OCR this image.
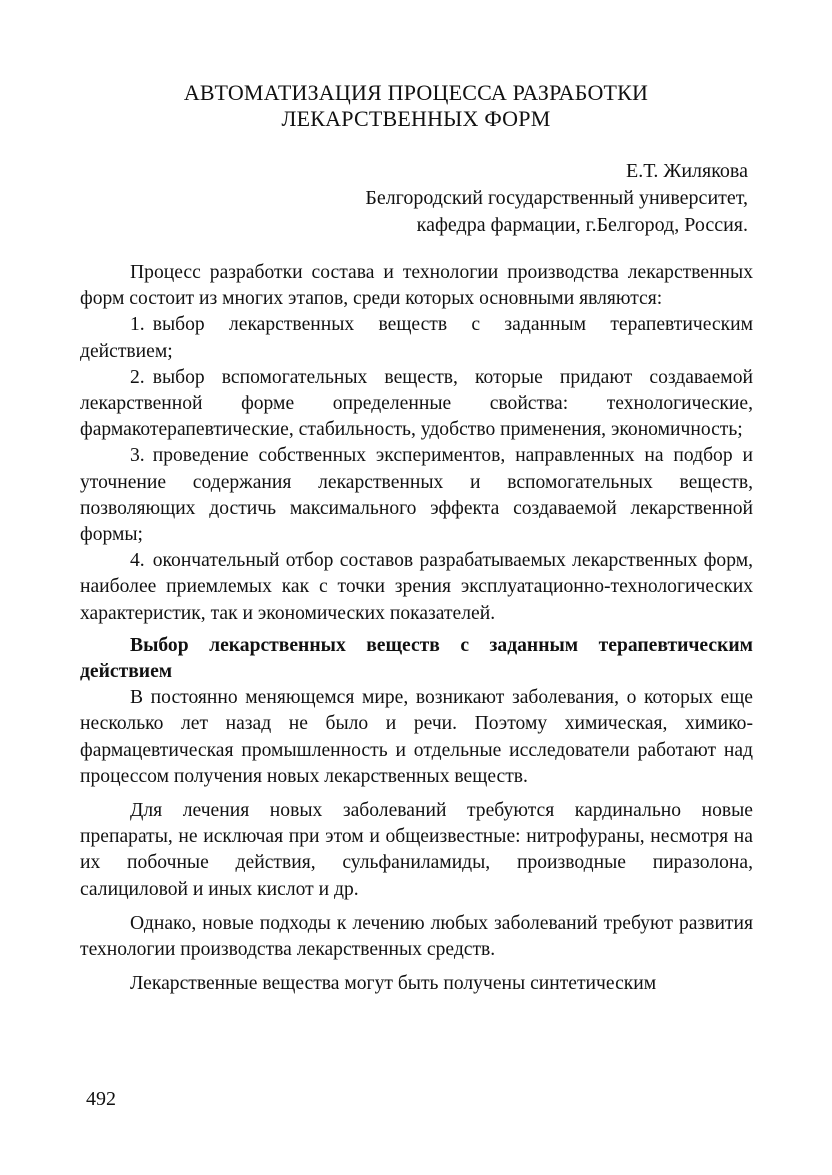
АВТОМАТИЗАЦИЯ ПРОЦЕССА РАЗРАБОТКИ
ЛЕКАРСТВЕННЫХ ФОРМ
Е.Т. Жилякова
Белгородский государственный университет,
кафедра фармации, г.Белгород, Россия.

Процесс разработки состава и технологии производства лекарственных форм состоит из многих этапов, среди которых основными являются:

1. выбор лекарственных веществ с заданным терапевтическим действием;
2. выбор вспомогательных веществ, которые придают создаваемой лекарственной форме определенные свойства: технологические, фармакотерапевтические, стабильность, удобство применения, экономичность;
3. проведение собственных экспериментов, направленных на подбор и уточнение содержания лекарственных и вспомогательных веществ, позволяющих достичь максимального эффекта создаваемой лекарственной формы;
4. окончательный отбор составов разрабатываемых лекарственных форм, наиболее приемлемых как с точки зрения эксплуатационно-технологических характеристик, так и экономических показателей.
Выбор лекарственных веществ с заданным терапевтическим действием

В постоянно меняющемся мире, возникают заболевания, о которых еще несколько лет назад не было и речи. Поэтому химическая, химико-фармацевтическая промышленность и отдельные исследователи работают над процессом получения новых лекарственных веществ.

Для лечения новых заболеваний требуются кардинально новые препараты, не исключая при этом и общеизвестные: нитрофураны, несмотря на их побочные действия, сульфаниламиды, производные пиразолона, салициловой и иных кислот и др.

Однако, новые подходы к лечению любых заболеваний требуют развития технологии производства лекарственных средств.

Лекарственные вещества могут быть получены синтетическим

492
